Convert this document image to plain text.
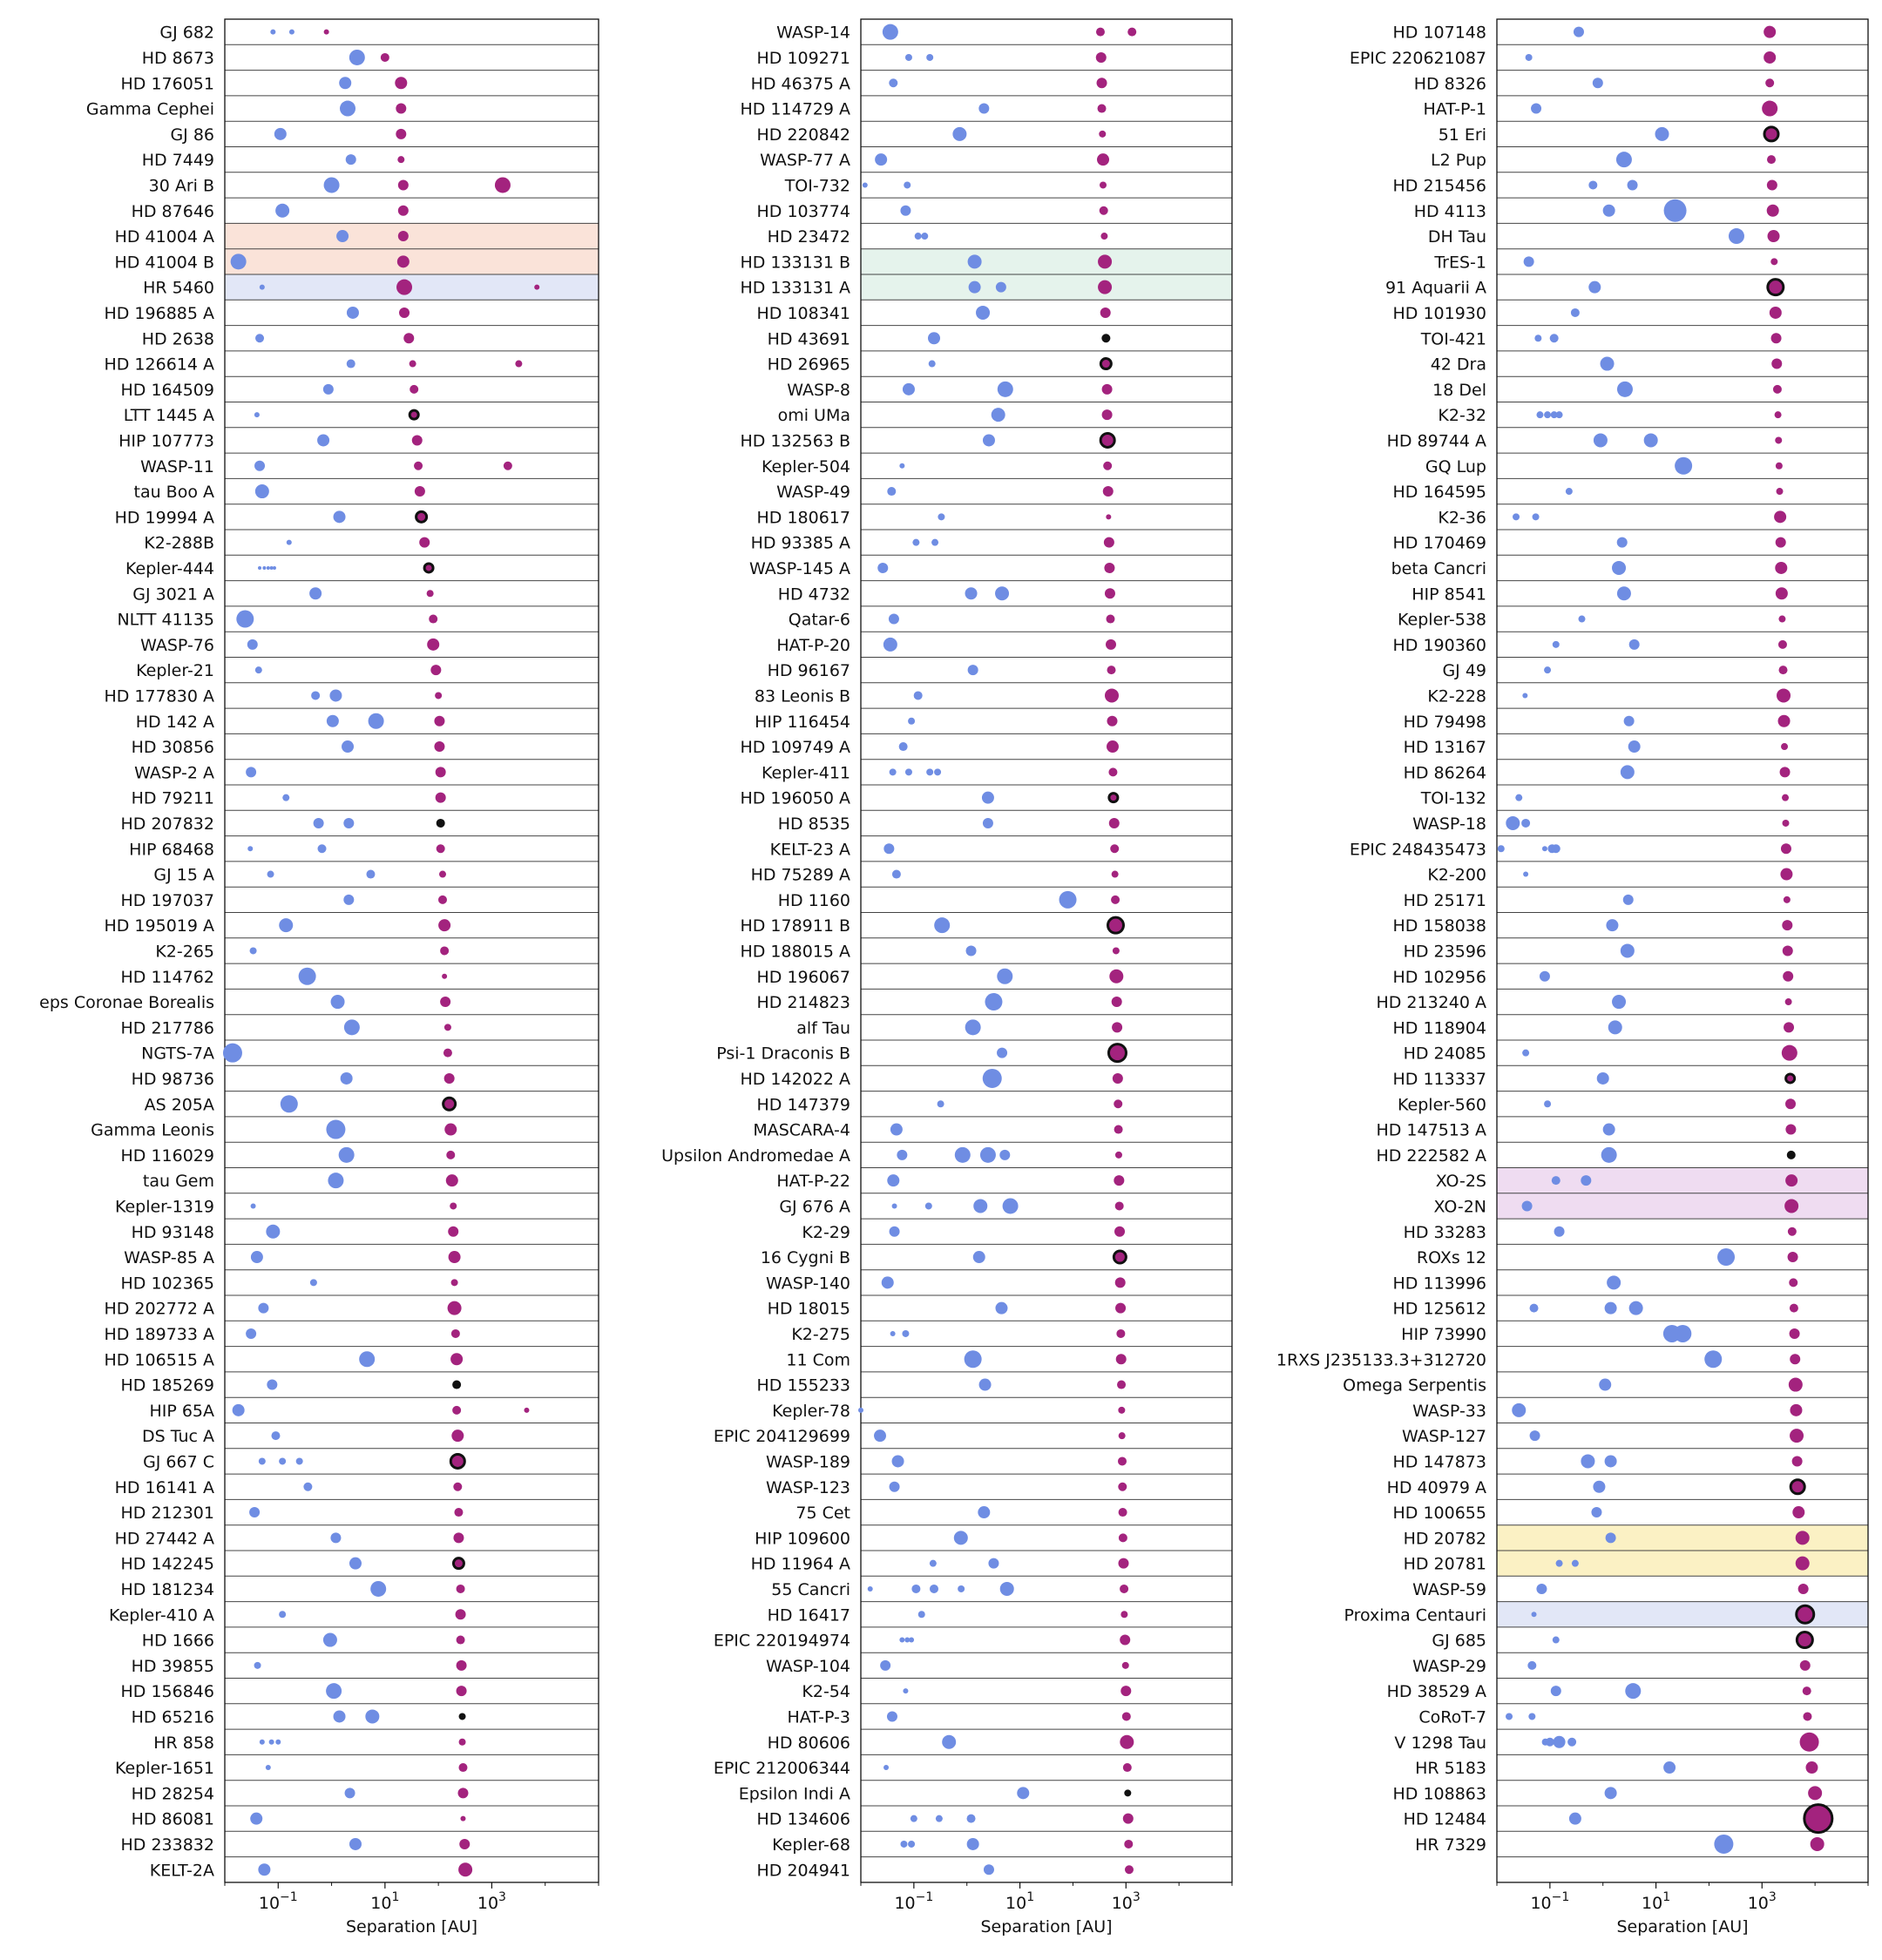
GJ 682
HD 8673
HD 176051
Gamma Cephei
GJ 86
HD 7449
30 Ari B
HD 87646
HD 41004 A
HD 41004 B
HR 5460
HD 196885 A
HD 2638
HD 126614 A
HD 164509
LTT 1445 A
HIP 107773
WASP-11
tau Boo A
HD 19994 A
K2-288B
Kepler-444
GJ 3021 A
NLTT 41135
WASP-76
Kepler-21
HD 177830 A
HD 142 A
HD 30856
WASP-2 A
HD 79211
HD 207832
HIP 68468
GJ 15 A
HD 197037
HD 195019 A
K2-265
HD 114762
eps Coronae Borealis
HD 217786
NGTS-7A
HD 98736
AS 205A
Gamma Leonis
HD 116029
tau Gem
Kepler-1319
HD 93148
WASP-85 A
HD 102365
HD 202772 A
HD 189733 A
HD 106515 A
HD 185269
HIP 65A
DS Tuc A
GJ 667 C
HD 16141 A
HD 212301
HD 27442 A
HD 142245
HD 181234
Kepler-410 A
HD 1666
HD 39855
HD 156846
HD 65216
HR 858
Kepler-1651
HD 28254
HD 86081
HD 233832
KELT-2A
$10^{-1}$	$10^1$	$10^3$
Separation [AU]
WASP-14
HD 109271
HD 46375 A
HD 114729 A
HD 220842
WASP-77 A
TOI-732
HD 103774
HD 23472
HD 133131 B
HD 133131 A
HD 108341
HD 43691
HD 26965
WASP-8
omi UMa
HD 132563 B
Kepler-504
WASP-49
HD 180617
HD 93385 A
WASP-145 A
HD 4732
Qatar-6
HAT-P-20
HD 96167
83 Leonis B
HIP 116454
HD 109749 A
Kepler-411
HD 196050 A
HD 8535
KELT-23 A
HD 75289 A
HD 1160
HD 178911 B
HD 188015 A
HD 196067
HD 214823
alf Tau
Psi-1 Draconis B
HD 142022 A
HD 147379
MASCARA-4
Upsilon Andromedae A
HAT-P-22
GJ 676 A
K2-29
16 Cygni B
WASP-140
HD 18015
K2-275
11 Com
HD 155233
Kepler-78
EPIC 204129699
WASP-189
WASP-123
75 Cet
HIP 109600
HD 11964 A
55 Cancri
HD 16417
EPIC 220194974
WASP-104
K2-54
HAT-P-3
HD 80606
EPIC 212006344
Epsilon Indi A
HD 134606
Kepler-68
HD 204941
$10^{-1}$	$10^1$	$10^3$
Separation [AU]
HD 107148
EPIC 220621087
HD 8326
HAT-P-1
51 Eri
L2 Pup
HD 215456
HD 4113
DH Tau
TrES-1
91 Aquarii A
HD 101930
TOI-421
42 Dra
18 Del
K2-32
HD 89744 A
GQ Lup
HD 164595
K2-36
HD 170469
beta Cancri
HIP 8541
Kepler-538
HD 190360
GJ 49
K2-228
HD 79498
HD 13167
HD 86264
TOI-132
WASP-18
EPIC 248435473
K2-200
HD 25171
HD 158038
HD 23596
HD 102956
HD 213240 A
HD 118904
HD 24085
HD 113337
Kepler-560
HD 147513 A
HD 222582 A
XO-2S
XO-2N
HD 33283
ROXs 12
HD 113996
HD 125612
HIP 73990
1RXS J235133.3+312720
Omega Serpentis
WASP-33
WASP-127
HD 147873
HD 40979 A
HD 100655
HD 20782
HD 20781
WASP-59
Proxima Centauri
GJ 685
WASP-29
HD 38529 A
CoRoT-7
V 1298 Tau
HR 5183
HD 108863
HD 12484
HR 7329
$10^{-1}$	$10^1$	$10^3$
Separation [AU]
